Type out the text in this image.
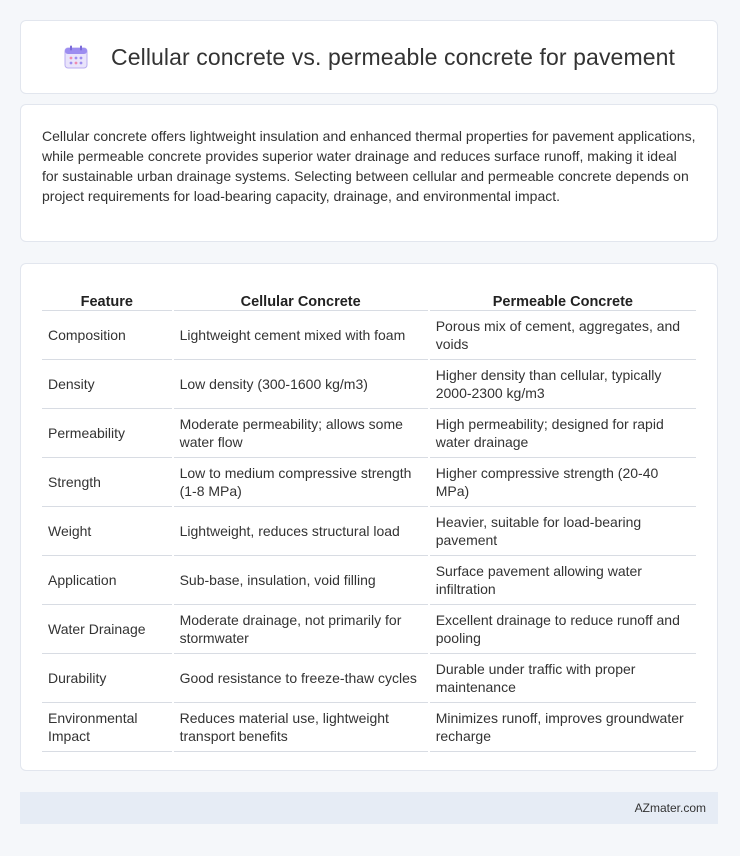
Cellular concrete vs. permeable concrete for pavement

Cellular concrete offers lightweight insulation and enhanced thermal properties for pavement applications, while permeable concrete provides superior water drainage and reduces surface runoff, making it ideal for sustainable urban drainage systems. Selecting between cellular and permeable concrete depends on project requirements for load-bearing capacity, drainage, and environmental impact.

Feature	Cellular Concrete	Permeable Concrete
Composition	Lightweight cement mixed with foam	Porous mix of cement, aggregates, and voids
Density	Low density (300-1600 kg/m3)	Higher density than cellular, typically 2000-2300 kg/m3
Permeability	Moderate permeability; allows some water flow	High permeability; designed for rapid water drainage
Strength	Low to medium compressive strength (1-8 MPa)	Higher compressive strength (20-40 MPa)
Weight	Lightweight, reduces structural load	Heavier, suitable for load-bearing pavement
Application	Sub-base, insulation, void filling	Surface pavement allowing water infiltration
Water Drainage	Moderate drainage, not primarily for stormwater	Excellent drainage to reduce runoff and pooling
Durability	Good resistance to freeze-thaw cycles	Durable under traffic with proper maintenance
Environmental Impact	Reduces material use, lightweight transport benefits	Minimizes runoff, improves groundwater recharge
AZmater.com
